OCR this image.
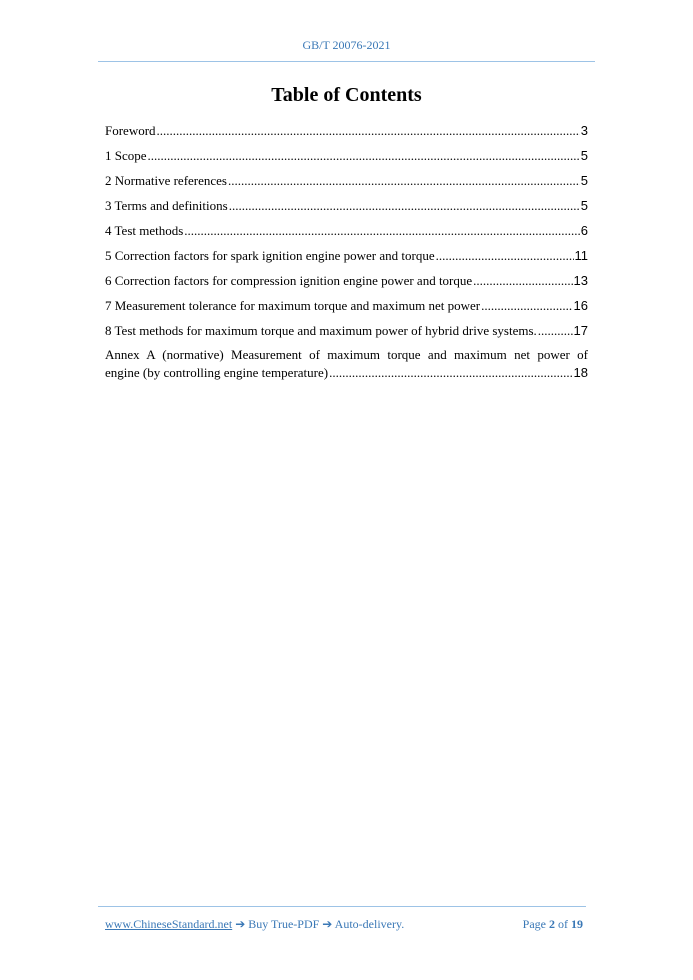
GB/T 20076-2021
Table of Contents
Foreword .....	3
1 Scope .....	5
2 Normative references .....	5
3 Terms and definitions .....	5
4 Test methods .....	6
5 Correction factors for spark ignition engine power and torque .....	11
6 Correction factors for compression ignition engine power and torque .....	13
7 Measurement tolerance for maximum torque and maximum net power .....	16
8 Test methods for maximum torque and maximum power of hybrid drive systems. .....	17
Annex A (normative) Measurement of maximum torque and maximum net power of
engine (by controlling engine temperature) .....	18
www.ChineseStandard.net ➔ Buy True-PDF ➔ Auto-delivery.	Page 2 of 19
